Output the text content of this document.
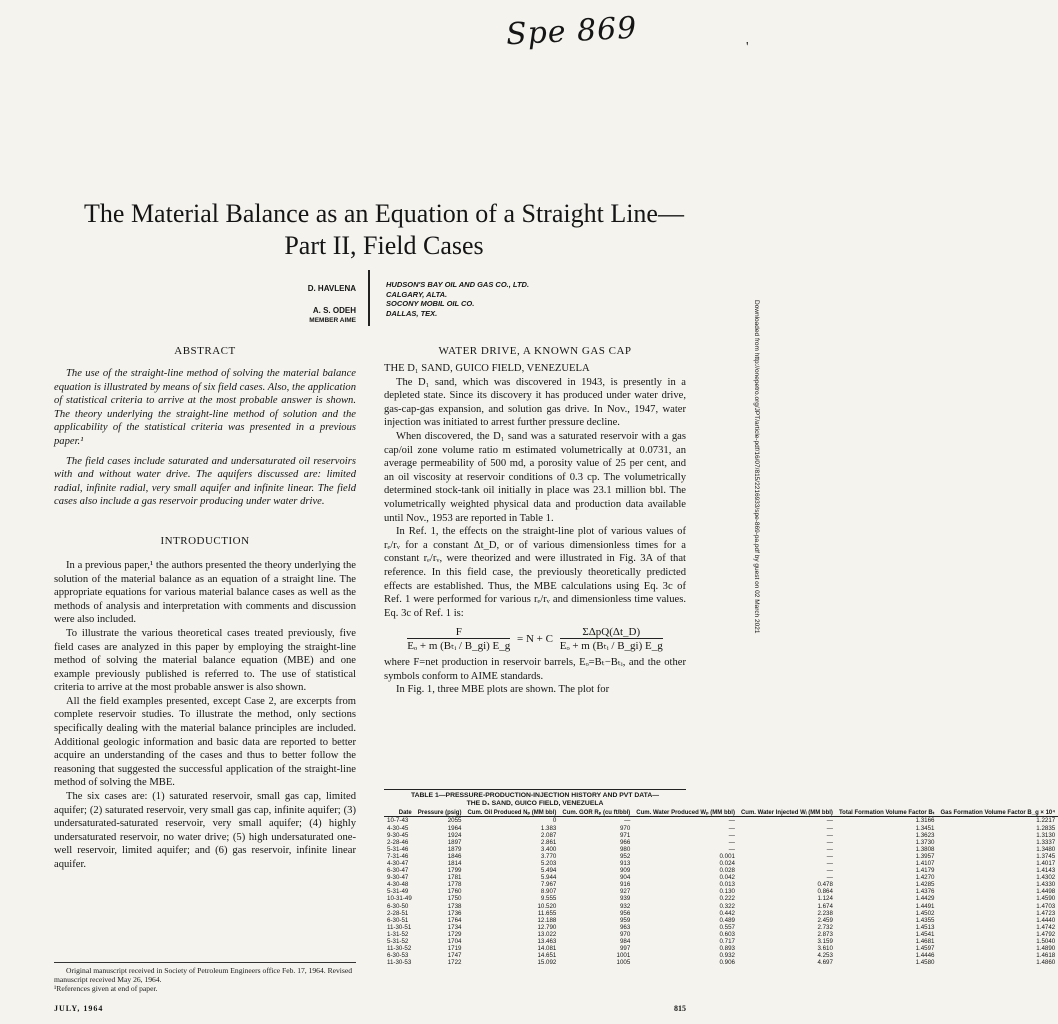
Spe 869	'
The Material Balance as an Equation of a Straight Line—
Part II, Field Cases
D. HAVLENA
A. S. ODEH
MEMBER AIME
HUDSON'S BAY OIL AND GAS CO., LTD.
CALGARY, ALTA.
SOCONY MOBIL OIL CO.
DALLAS, TEX.
ABSTRACT

The use of the straight-line method of solving the material balance equation is illustrated by means of six field cases. Also, the application of statistical criteria to arrive at the most probable answer is shown. The theory underlying the straight-line method of solution and the applicability of the statistical criteria was presented in a previous paper.¹

The field cases include saturated and undersaturated oil reservoirs with and without water drive. The aquifers discussed are: limited radial, infinite radial, very small aquifer and infinite linear. The field cases also include a gas reservoir producing under water drive.

INTRODUCTION

In a previous paper,¹ the authors presented the theory underlying the solution of the material balance as an equation of a straight line. The appropriate equations for various material balance cases as well as the methods of analysis and interpretation with comments and discussion were also included.

To illustrate the various theoretical cases treated previously, five field cases are analyzed in this paper by employing the straight-line method of solving the material balance equation (MBE) and one example previously published is referred to. The use of statistical criteria to arrive at the most probable answer is also shown.

All the field examples presented, except Case 2, are excerpts from complete reservoir studies. To illustrate the method, only sections specifically dealing with the material balance principles are included. Additional geologic information and basic data are reported to better acquire an understanding of the cases and thus to better follow the reasoning that suggested the successful application of the straight-line method of solving the MBE.

The six cases are: (1) saturated reservoir, small gas cap, limited aquifer; (2) saturated reservoir, very small gas cap, infinite aquifer; (3) undersaturated-saturated reservoir, very small aquifer; (4) highly undersaturated reservoir, no water drive; (5) high undersaturated one-well reservoir, limited aquifer; and (6) gas reservoir, infinite linear aquifer.

Original manuscript received in Society of Petroleum Engineers office Feb. 17, 1964. Revised manuscript received May 26, 1964.

¹References given at end of paper.

WATER DRIVE, A KNOWN GAS CAP
THE D₁ SAND, GUICO FIELD, VENEZUELA

The D₁ sand, which was discovered in 1943, is presently in a depleted state. Since its discovery it has produced under water drive, gas-cap-gas expansion, and solution gas drive. In Nov., 1947, water injection was initiated to arrest further pressure decline.

When discovered, the D₁ sand was a saturated reservoir with a gas cap/oil zone volume ratio m estimated volumetrically at 0.0731, an average permeability of 500 md, a porosity value of 25 per cent, and an oil viscosity at reservoir conditions of 0.3 cp. The volumetrically determined stock-tank oil initially in place was 23.1 million bbl. The volumetrically weighted physical data and production data available until Nov., 1953 are reported in Table 1.

In Ref. 1, the effects on the straight-line plot of various values of rₑ/rᵥ for a constant Δt_D, or of various dimensionless times for a constant rₑ/rᵥ, were theorized and were illustrated in Fig. 3A of that reference. In this field case, the previously theoretically predicted effects are established. Thus, the MBE calculations using Eq. 3c of Ref. 1 were performed for various rₑ/rᵥ and dimensionless time values. Eq. 3c of Ref. 1 is:

$\frac{F}{\text{Eₒ + m (Bₜᵢ / B\_gi) E\_g}} = N + C \frac{\text{ΣΔpQ(Δt\_D)}}{\text{Eₒ + m (Bₜᵢ / B\_gi) E\_g}}$

where F=net production in reservoir barrels, Eₒ=Bₜ−Bₜᵢ, and the other symbols conform to AIME standards.

In Fig. 1, three MBE plots are shown. The plot for

TABLE 1—PRESSURE-PRODUCTION-INJECTION HISTORY AND PVT DATA—
THE D₁ SAND, GUICO FIELD, VENEZUELA
Date	Pressure (psig)	Cum. Oil Produced Nₚ (MM bbl)	Cum. GOR Rₚ (cu ft/bbl)	Cum. Water Produced Wₚ (MM bbl)	Cum. Water Injected Wᵢ (MM bbl)	Total Formation Volume Factor Bₜ	Gas Formation Volume Factor B_g × 10⁴
10-7-43	2055	0	—	—	—	1.3166	1.2217
4-30-45	1964	1.383	970	—	—	1.3451	1.2835
9-30-45	1924	2.087	971	—	—	1.3623	1.3130
2-28-46	1897	2.861	966	—	—	1.3730	1.3337
5-31-46	1879	3.400	980	—	—	1.3808	1.3480
7-31-46	1846	3.770	952	0.001	—	1.3957	1.3745
4-30-47	1814	5.203	913	0.024	—	1.4107	1.4017
6-30-47	1799	5.494	909	0.028	—	1.4179	1.4143
9-30-47	1781	5.944	904	0.042	—	1.4270	1.4302
4-30-48	1778	7.967	916	0.013	0.478	1.4285	1.4330
5-31-49	1760	8.907	927	0.130	0.864	1.4376	1.4498
10-31-49	1750	9.555	939	0.222	1.124	1.4429	1.4590
6-30-50	1738	10.520	932	0.322	1.674	1.4491	1.4703
2-28-51	1736	11.655	956	0.442	2.238	1.4502	1.4723
6-30-51	1764	12.188	959	0.489	2.459	1.4355	1.4440
11-30-51	1734	12.790	963	0.557	2.732	1.4513	1.4742
1-31-52	1729	13.022	970	0.603	2.873	1.4541	1.4792
5-31-52	1704	13.463	984	0.717	3.159	1.4681	1.5040
11-30-52	1719	14.081	997	0.893	3.610	1.4597	1.4890
6-30-53	1747	14.651	1001	0.932	4.253	1.4446	1.4618
11-30-53	1722	15.092	1005	0.906	4.697	1.4580	1.4860
JULY, 1964	815
Downloaded from http://onepetro.org/JPT/article-pdf/16/07/815/2216933/spe-869-pa.pdf by guest on 02 March 2021
